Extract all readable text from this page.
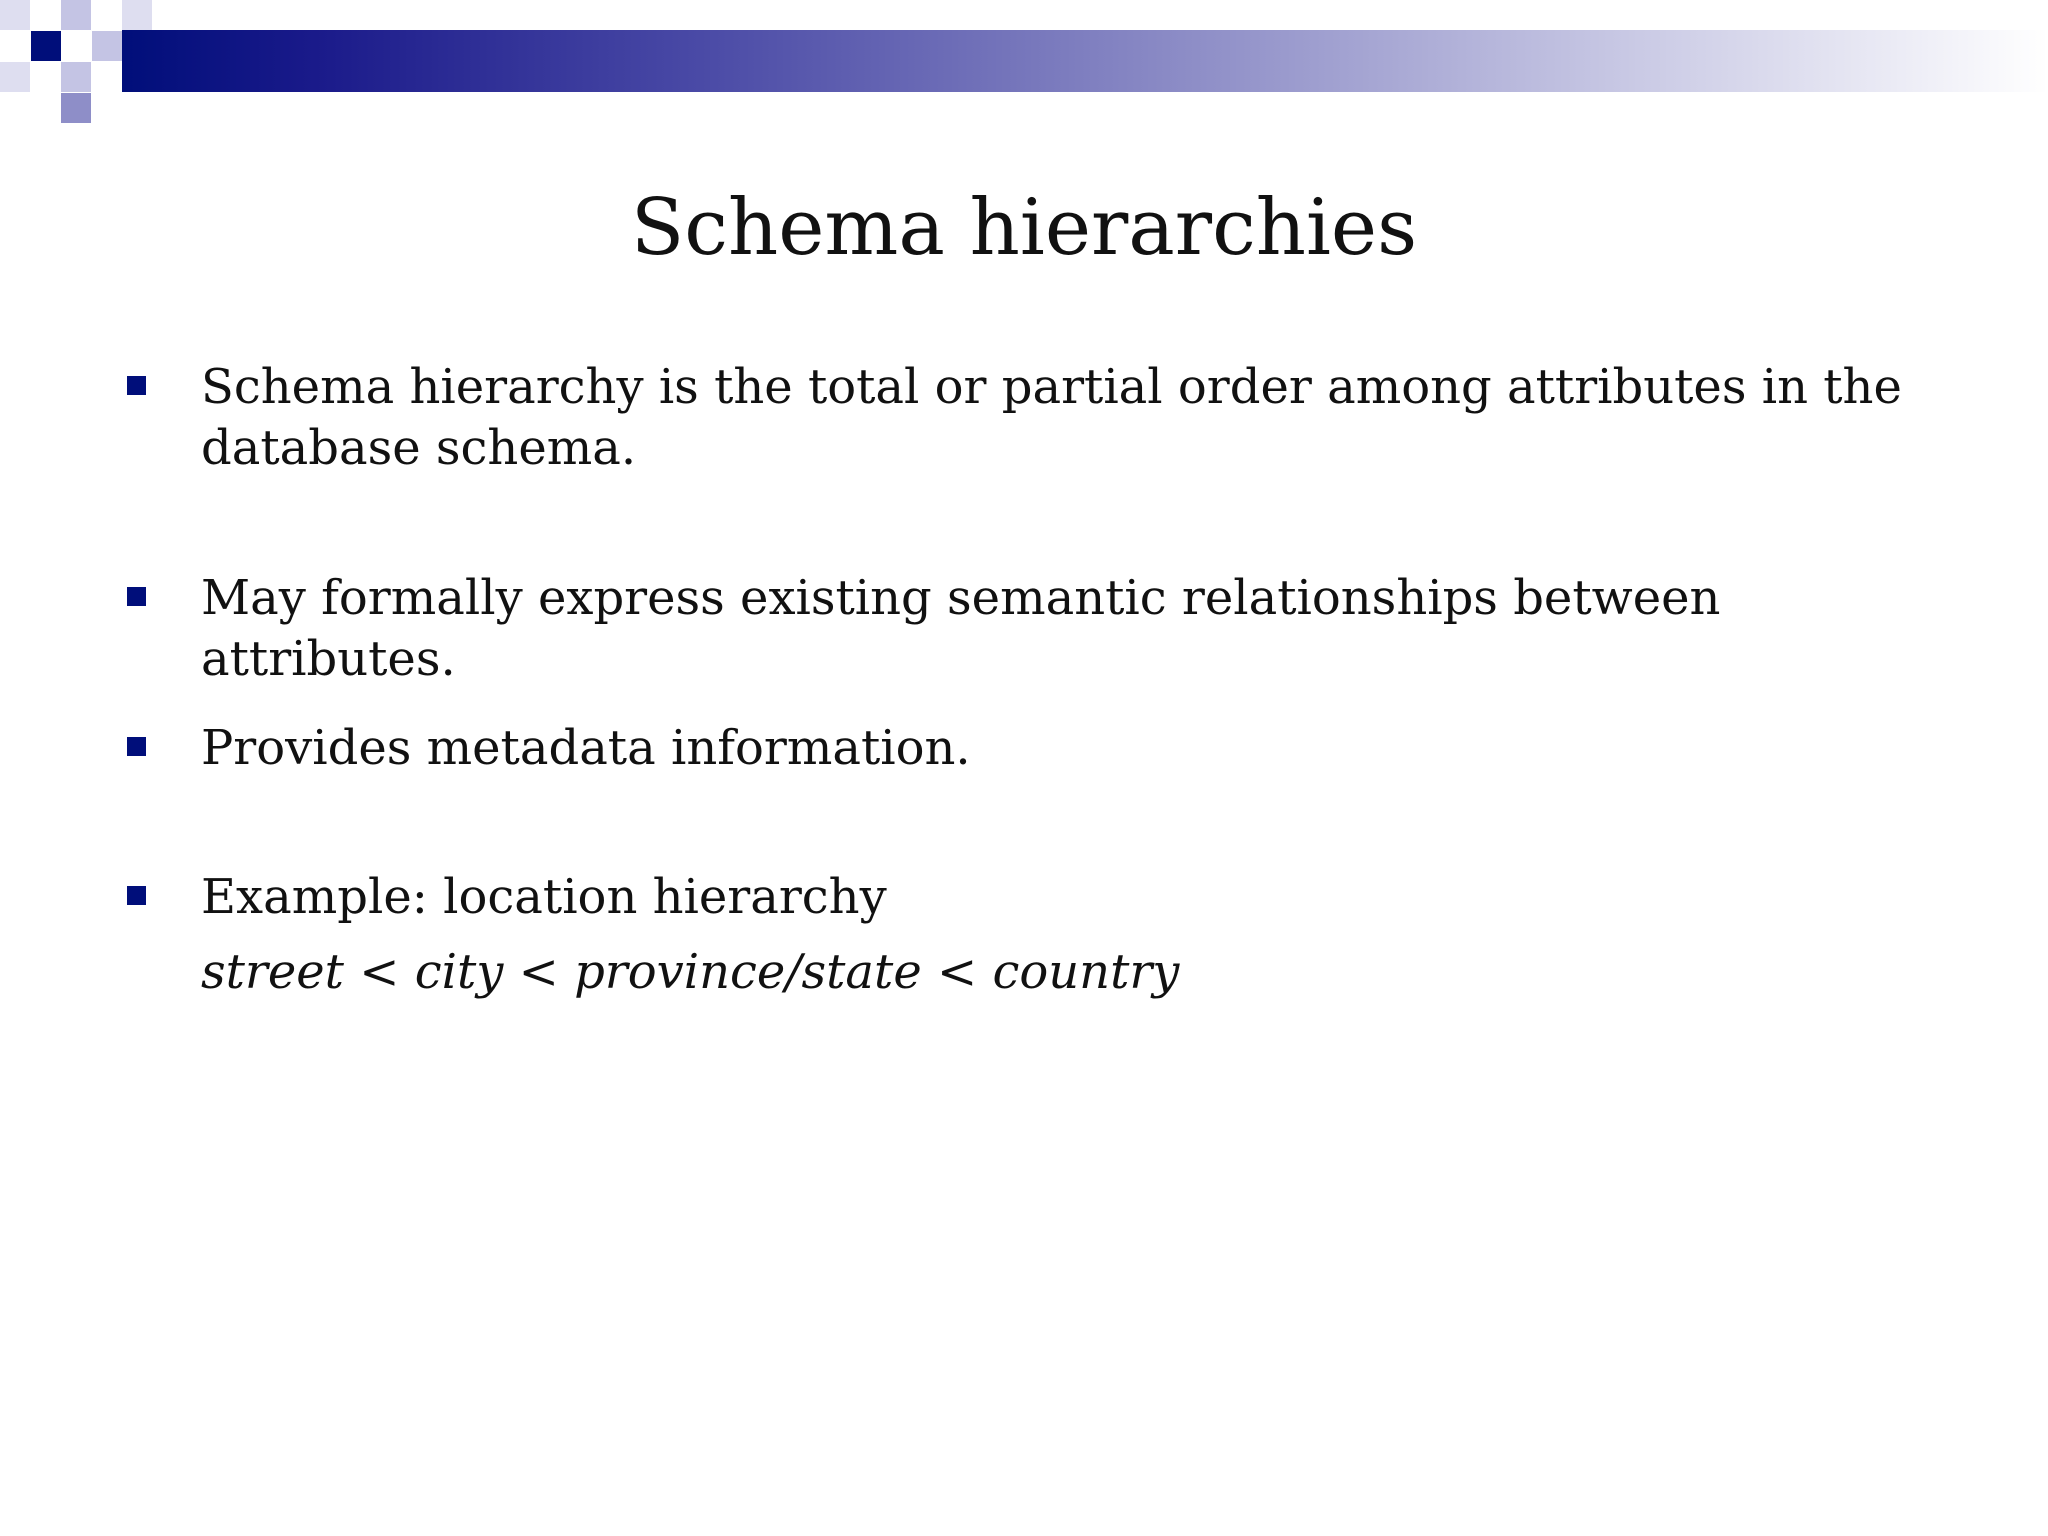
Schema hierarchies
Schema hierarchy is the total or partial order among attributes in the database schema.
May formally express existing semantic relationships between attributes.
Provides metadata information.
Example: location hierarchy
street < city < province/state < country
